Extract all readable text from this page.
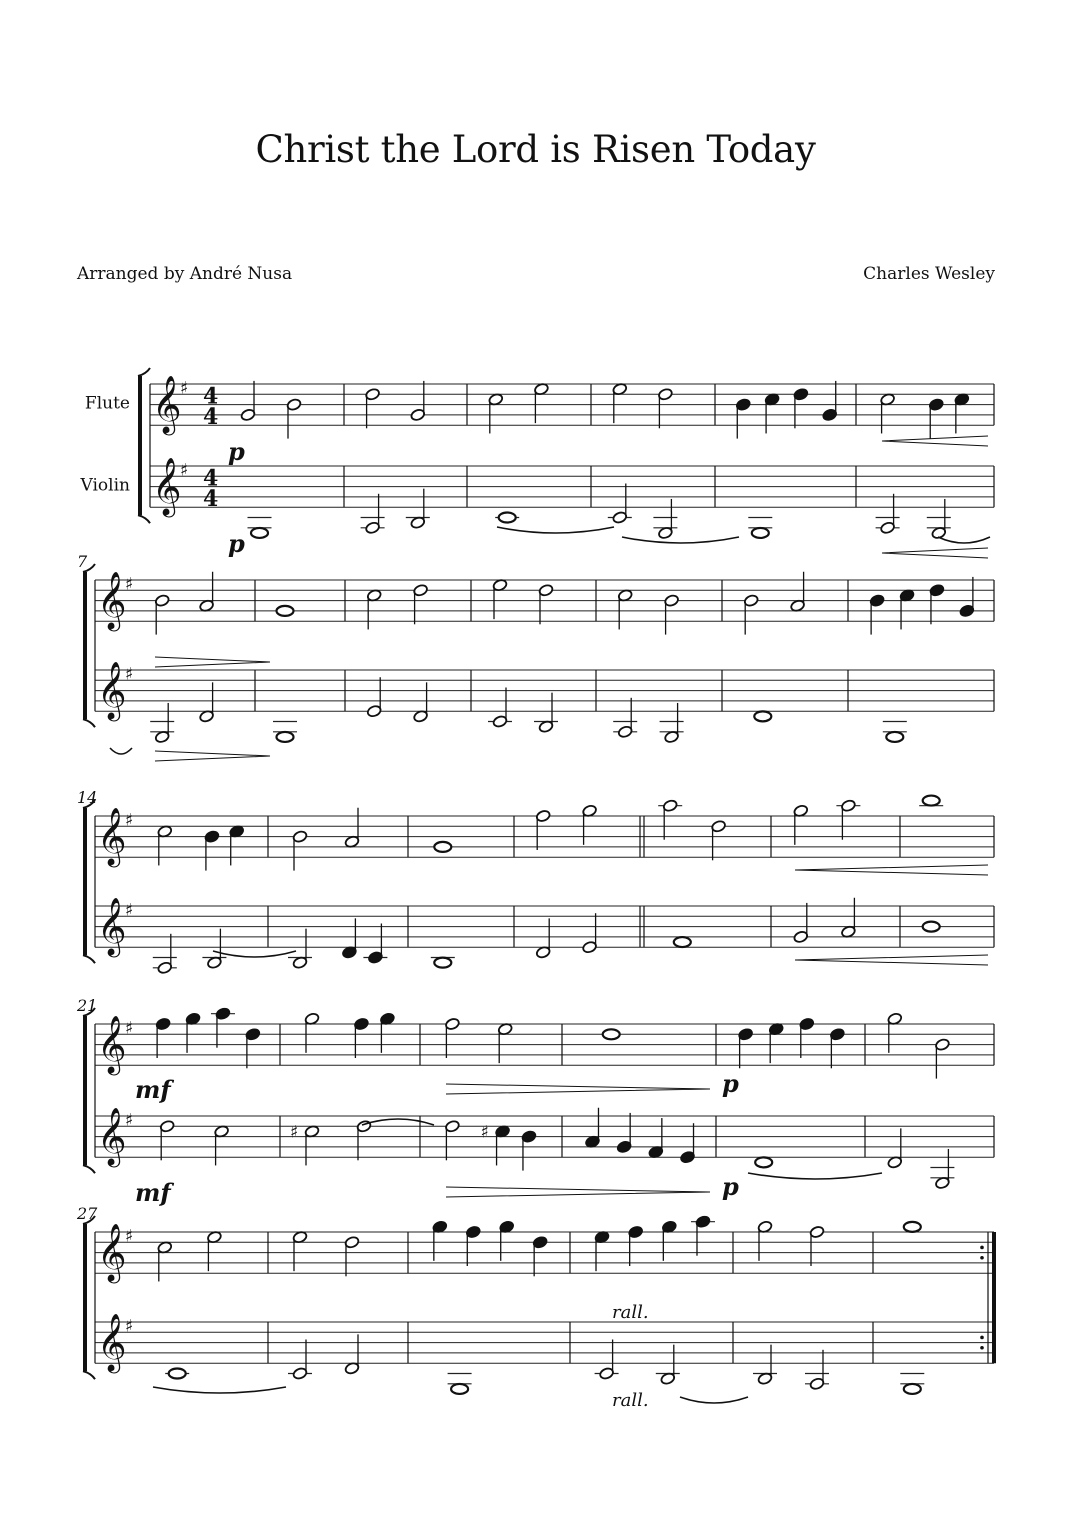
Christ the Lord is Risen Today
Arranged by André Nusa	Charles Wesley
𝄞
𝄞
♯
♯
4
4
4
4
Flute
Violin
𝄞
𝄞
♯
♯
7
𝄞
𝄞
♯
♯
14
𝄞
𝄞
♯
♯
21
♯	♯
𝄞
𝄞
♯
♯
27
p
p
mf
mf
p
p
rall.
rall.
